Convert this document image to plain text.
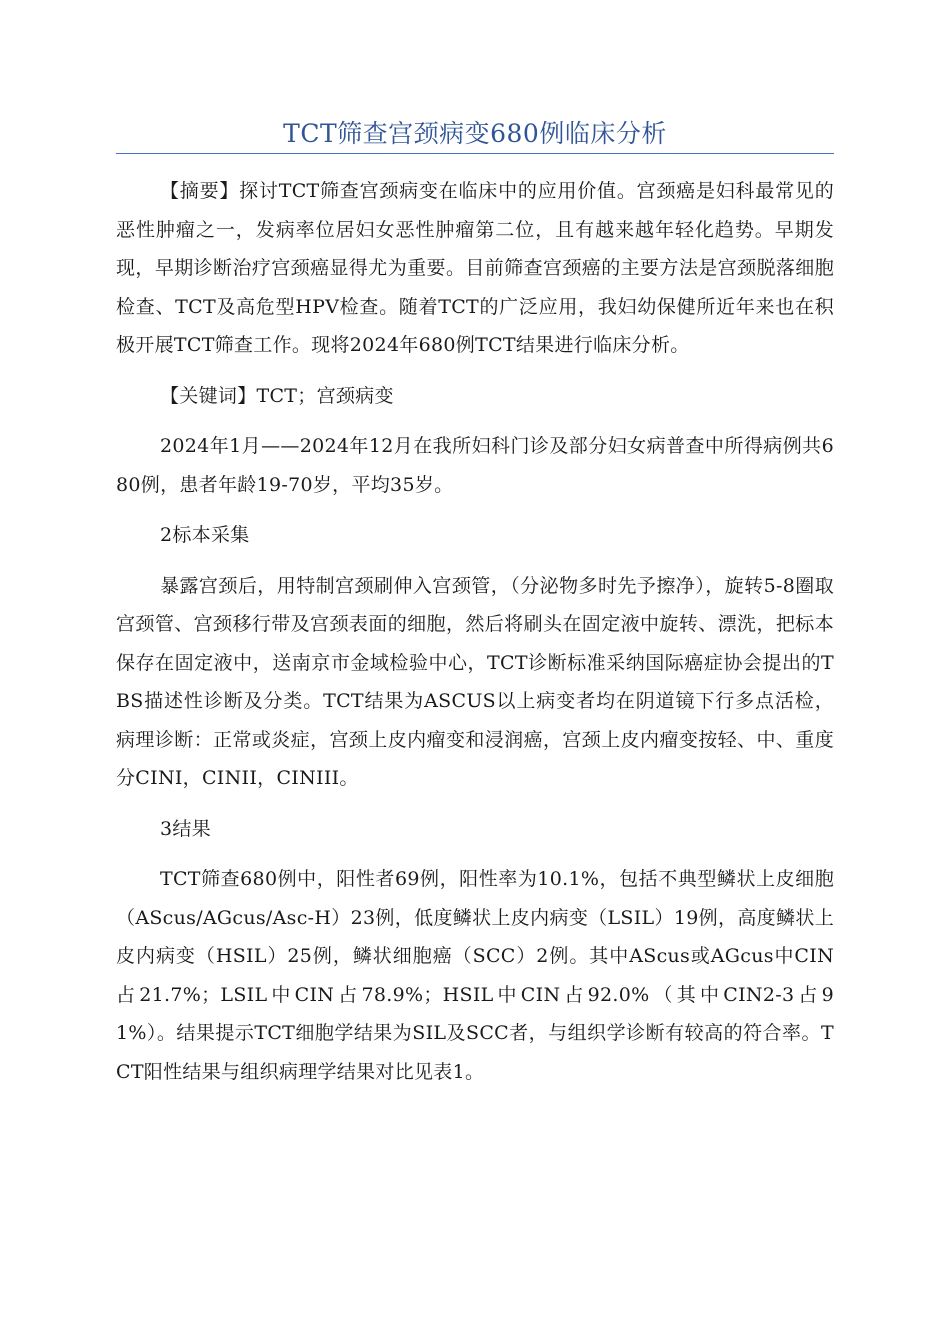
TCT筛查宫颈病变680例临床分析

【摘要】探讨TCT筛查宫颈病变在临床中的应用价值。宫颈癌是妇科最常见的恶性肿瘤之一，发病率位居妇女恶性肿瘤第二位，且有越来越年轻化趋势。早期发现，早期诊断治疗宫颈癌显得尤为重要。目前筛查宫颈癌的主要方法是宫颈脱落细胞检查、TCT及高危型HPV检查。随着TCT的广泛应用，我妇幼保健所近年来也在积极开展TCT筛查工作。现将2024年680例TCT结果进行临床分析。

【关键词】TCT；宫颈病变

2024年1月——2024年12月在我所妇科门诊及部分妇女病普查中所得病例共680例，患者年龄19-70岁，平均35岁。

2标本采集

暴露宫颈后，用特制宫颈刷伸入宫颈管，（分泌物多时先予擦净），旋转5-8圈取宫颈管、宫颈移行带及宫颈表面的细胞，然后将刷头在固定液中旋转、漂洗，把标本保存在固定液中，送南京市金域检验中心，TCT诊断标准采纳国际癌症协会提出的TBS描述性诊断及分类。TCT结果为ASCUS以上病变者均在阴道镜下行多点活检，病理诊断：正常或炎症，宫颈上皮内瘤变和浸润癌，宫颈上皮内瘤变按轻、中、重度分CINI，CINII，CINIII。

3结果

TCT筛查680例中，阳性者69例，阳性率为10.1%，包括不典型鳞状上皮细胞（AScus/AGcus/Asc-H）23例，低度鳞状上皮内病变（LSIL）19例，高度鳞状上皮内病变（HSIL）25例，鳞状细胞癌（SCC）2例。其中AScus或AGcus中CIN占21.7%；LSIL中CIN占78.9%；HSIL中CIN占92.0%（其中CIN2-3占91%）。结果提示TCT细胞学结果为SIL及SCC者，与组织学诊断有较高的符合率。TCT阳性结果与组织病理学结果对比见表1。
